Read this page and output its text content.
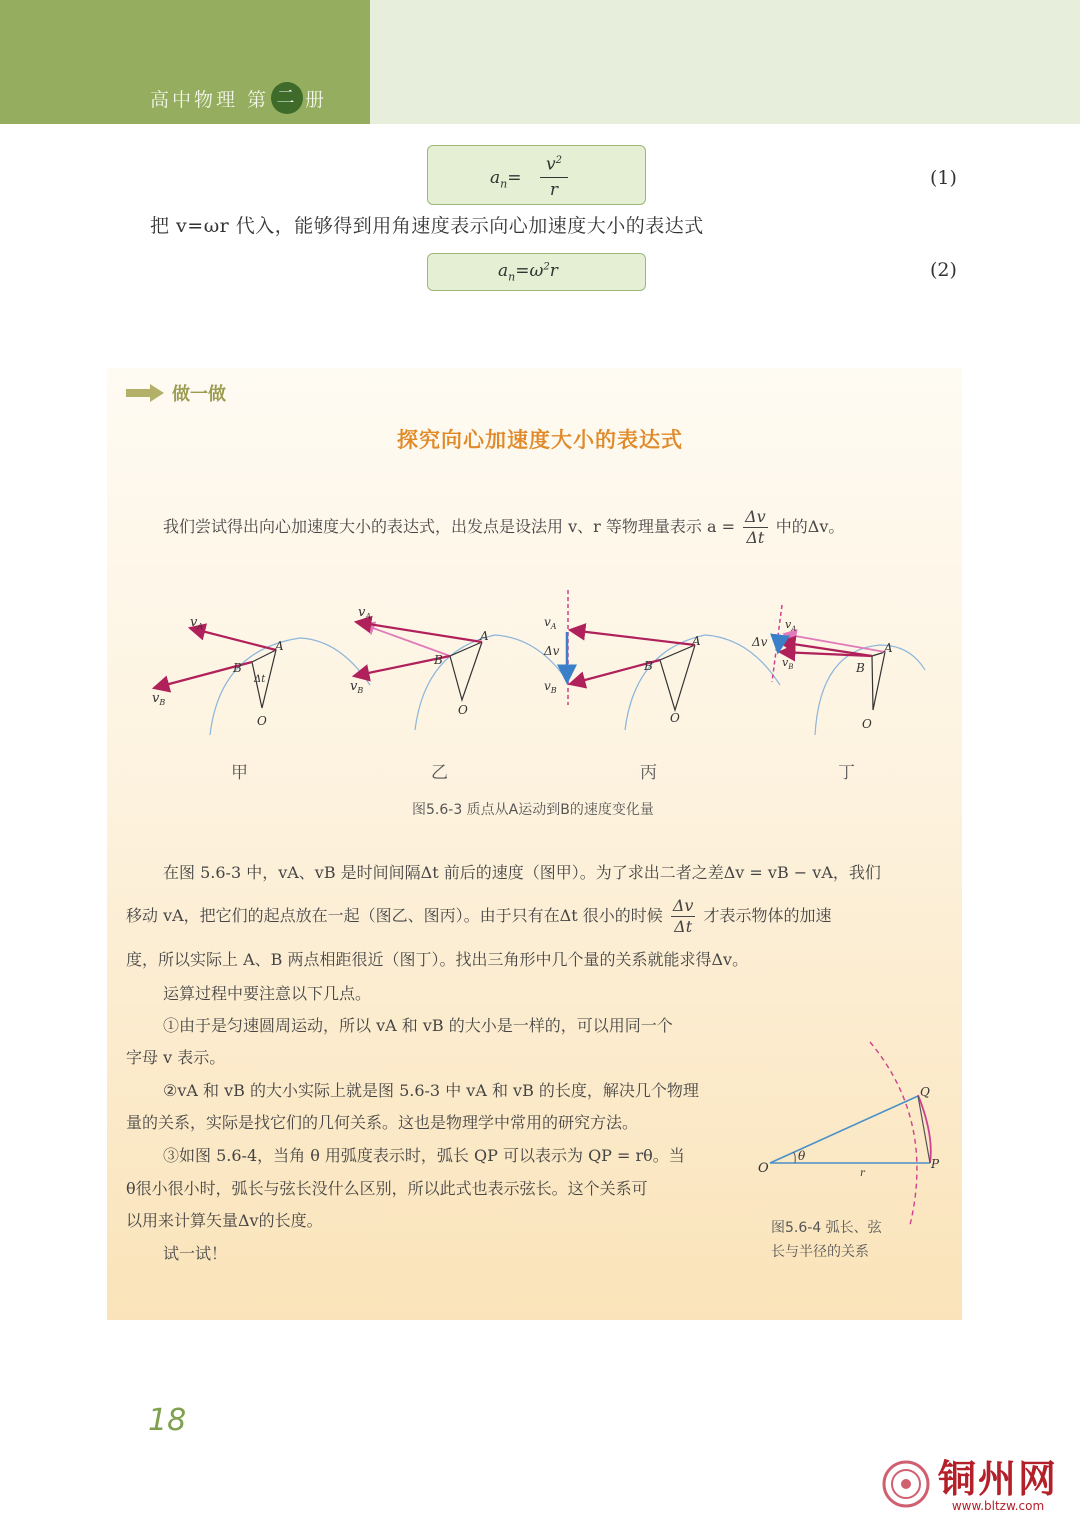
高中物理 第 二 册
$a_n=$
$v^2$
r
(1)
把 v=ωr 代入，能够得到用角速度表示向心加速度大小的表达式
$a_n=\omega^2r$	(2)
做一做
探究向心加速度大小的表达式
我们尝试得出向心加速度大小的表达式，出发点是设法用 v、r 等物理量表示 $a = \frac{\Delta v}{\Delta t}$ 中的Δv。
$v_A$
$v_B$
A
B
Δt
O
$v_A$
$v_B$
A
B
O
$v_A$
$v_B$
Δv
A
B
O
$v_A$
$v_B$
Δv	A
B
O
甲	乙	丙	丁
图5.6-3 质点从A运动到B的速度变化量
在图 5.6-3 中，vA、vB 是时间间隔Δt 前后的速度（图甲）。为了求出二者之差Δv = vB − vA，我们
移动 vA，把它们的起点放在一起（图乙、图丙）。由于只有在Δt 很小的时候 $\frac{\Delta v}{\Delta t}$ 才表示物体的加速
度，所以实际上 A、B 两点相距很近（图丁）。找出三角形中几个量的关系就能求得Δv。
运算过程中要注意以下几点。
①由于是匀速圆周运动，所以 vA 和 vB 的大小是一样的，可以用同一个
字母 v 表示。
②vA 和 vB 的大小实际上就是图 5.6-3 中 vA 和 vB 的长度，解决几个物理
量的关系，实际是找它们的几何关系。这也是物理学中常用的研究方法。
③如图 5.6-4，当角 θ 用弧度表示时，弧长 QP 可以表示为 QP = rθ。当
θ很小很小时，弧长与弦长没什么区别，所以此式也表示弦长。这个关系可
以用来计算矢量Δv的长度。
试一试！
O	P
Q
θ
r
图5.6-4 弧长、弦
长与半径的关系
18
铜州网
www.bltzw.com
